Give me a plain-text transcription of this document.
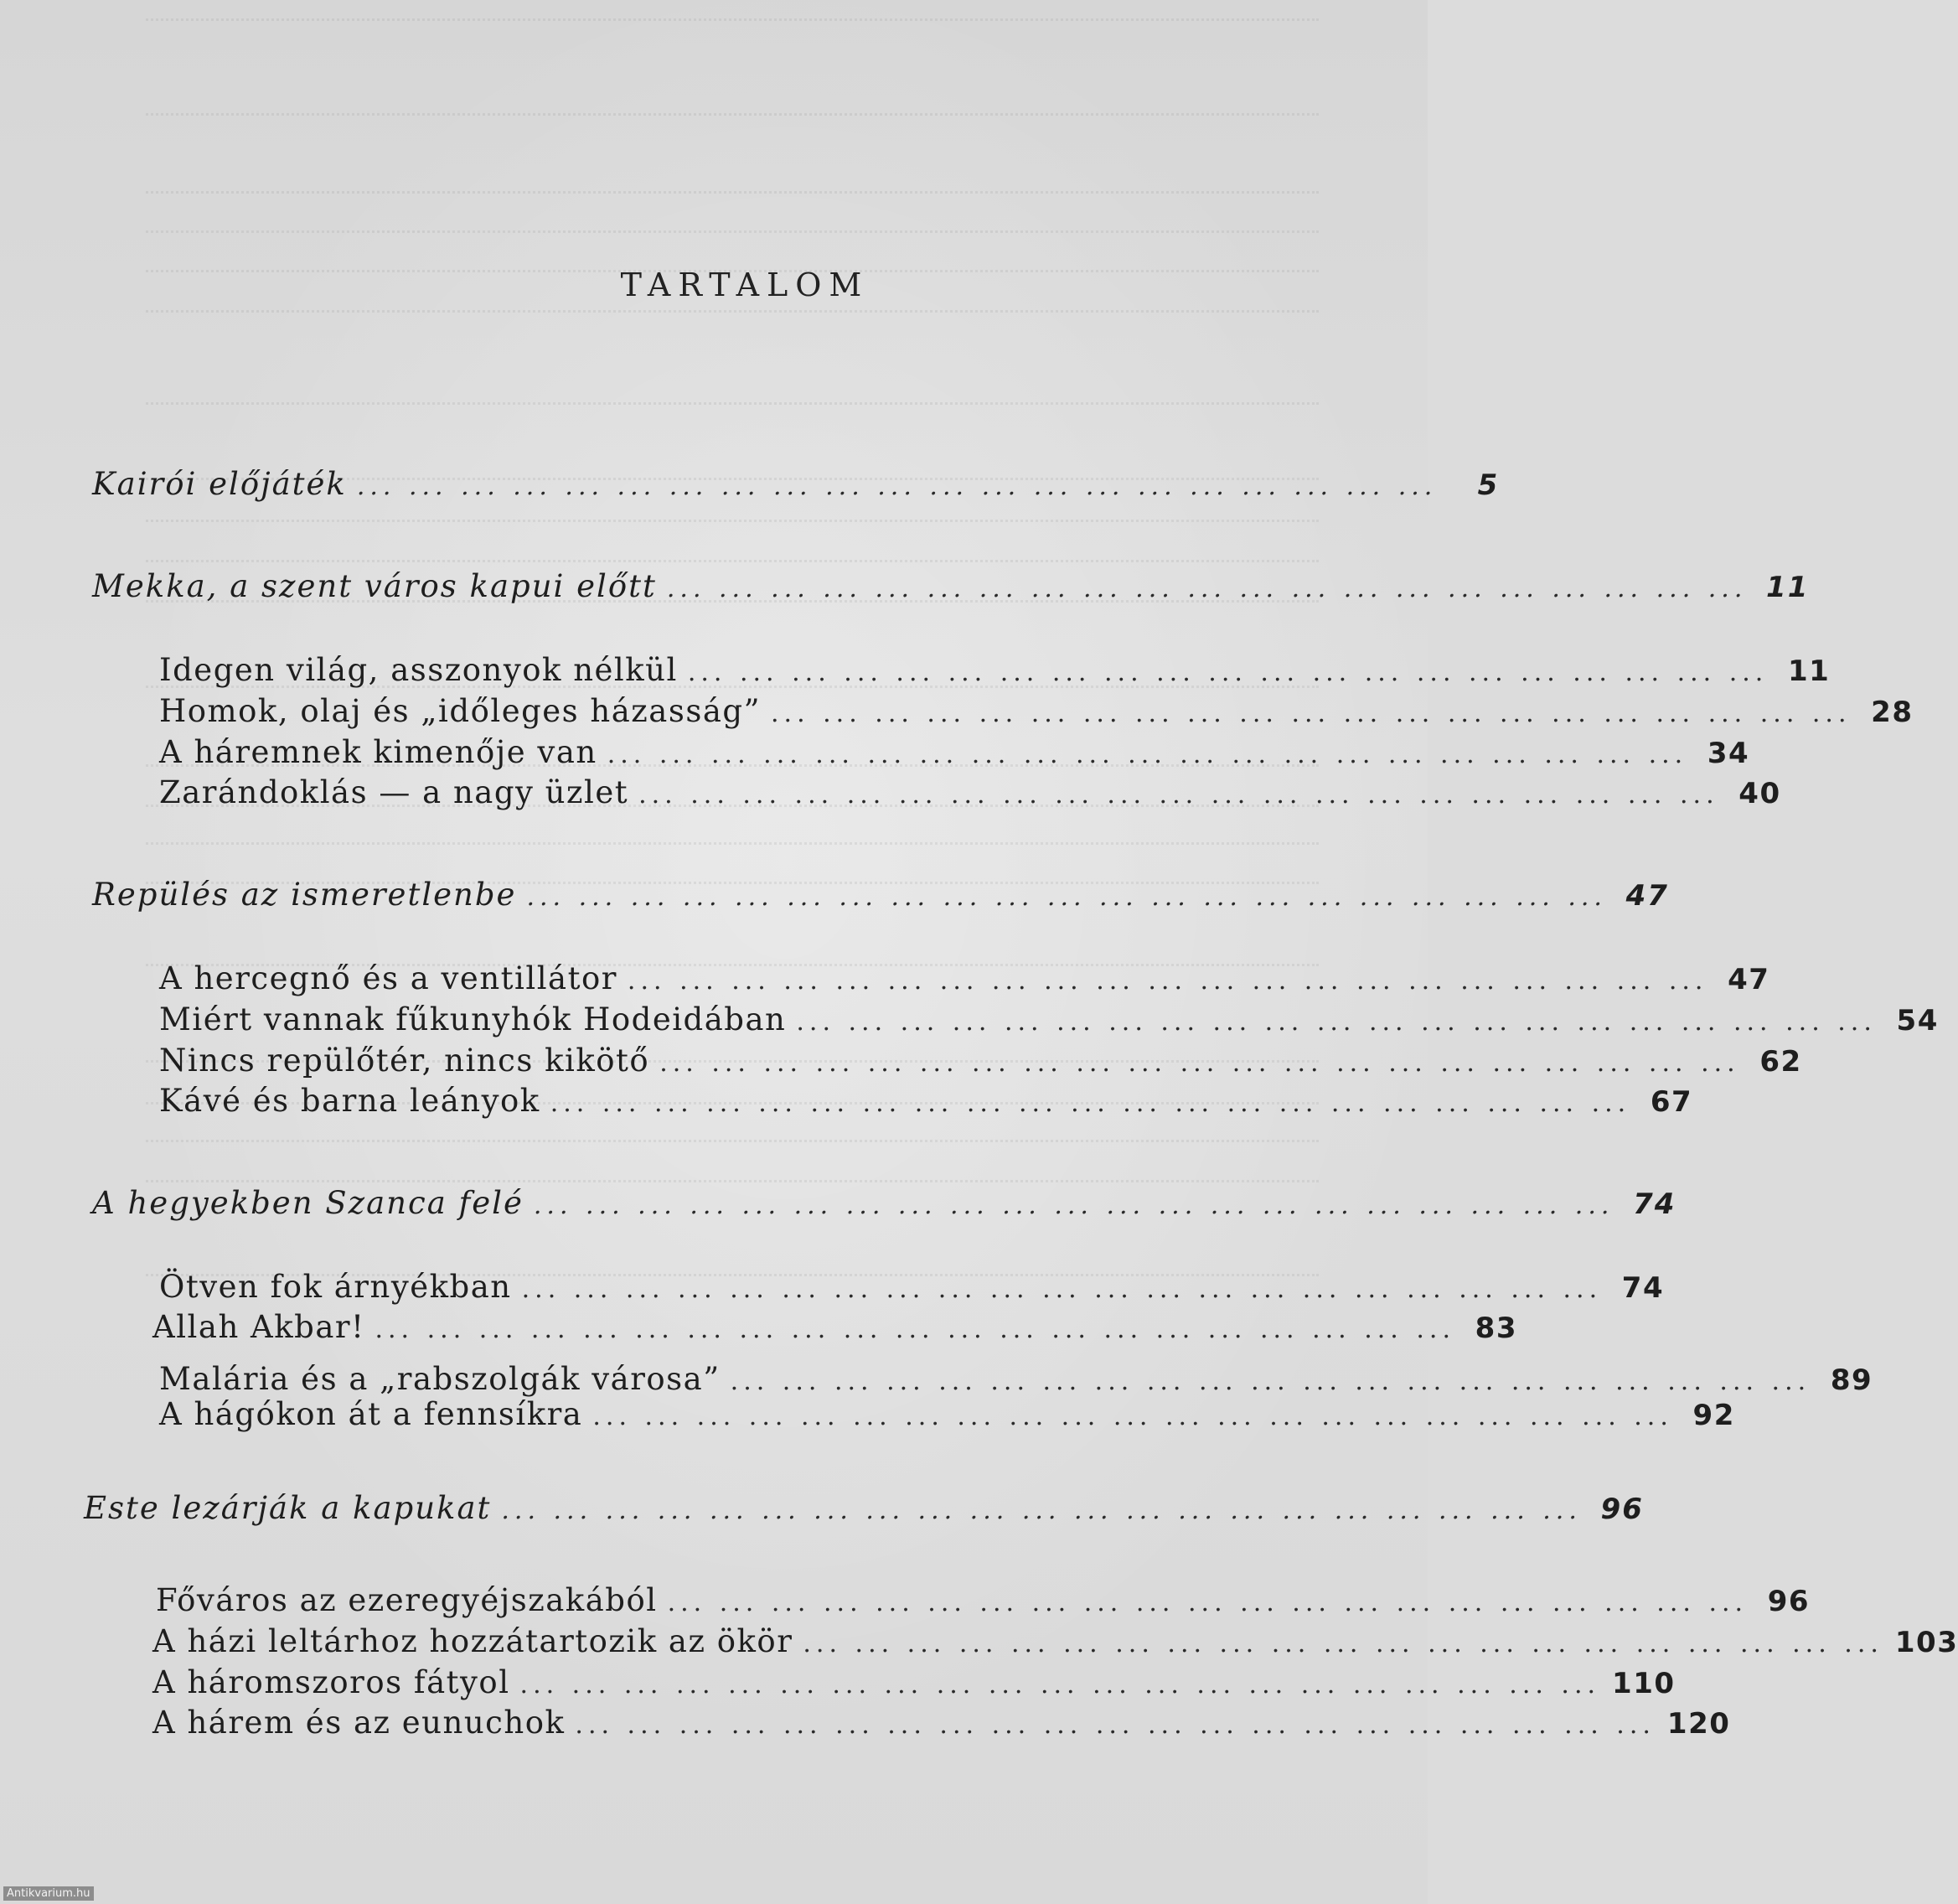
TARTALOM
Kairói előjáték ... ... ... ... ... ... ... ... ... ... ... ... ... ... ... ... ... ... ... ... ...	5
Mekka, a szent város kapui előtt ... ... ... ... ... ... ... ... ... ... ... ... ... ... ... ... ... ... ... ... ... 11
Idegen világ, asszonyok nélkül ... ... ... ... ... ... ... ... ... ... ... ... ... ... ... ... ... ... ... ... ... 11
Homok, olaj és „időleges házasság” ... ... ... ... ... ... ... ... ... ... ... ... ... ... ... ... ... ... ... ... ... 28
A háremnek kimenője van ... ... ... ... ... ... ... ... ... ... ... ... ... ... ... ... ... ... ... ... ... 34
Zarándoklás — a nagy üzlet ... ... ... ... ... ... ... ... ... ... ... ... ... ... ... ... ... ... ... ... ... 40
Repülés az ismeretlenbe ... ... ... ... ... ... ... ... ... ... ... ... ... ... ... ... ... ... ... ... ... 47
A hercegnő és a ventillátor ... ... ... ... ... ... ... ... ... ... ... ... ... ... ... ... ... ... ... ... ... 47
Miért vannak fűkunyhók Hodeidában ... ... ... ... ... ... ... ... ... ... ... ... ... ... ... ... ... ... ... ... ... 54
Nincs repülőtér, nincs kikötő ... ... ... ... ... ... ... ... ... ... ... ... ... ... ... ... ... ... ... ... ... 62
Kávé és barna leányok ... ... ... ... ... ... ... ... ... ... ... ... ... ... ... ... ... ... ... ... ... 67
A hegyekben Szancа felé ... ... ... ... ... ... ... ... ... ... ... ... ... ... ... ... ... ... ... ... ... 74
Ötven fok árnyékban ... ... ... ... ... ... ... ... ... ... ... ... ... ... ... ... ... ... ... ... ... 74
Allah Akbar! ... ... ... ... ... ... ... ... ... ... ... ... ... ... ... ... ... ... ... ... ... 83
Malária és a „rabszolgák városa” ... ... ... ... ... ... ... ... ... ... ... ... ... ... ... ... ... ... ... ... ... 89
A hágókon át a fennsíkra ... ... ... ... ... ... ... ... ... ... ... ... ... ... ... ... ... ... ... ... ... 92
Este lezárják a kapukat ... ... ... ... ... ... ... ... ... ... ... ... ... ... ... ... ... ... ... ... ... 96
Főváros az ezeregyéjszakából ... ... ... ... ... ... ... ... ... ... ... ... ... ... ... ... ... ... ... ... ... 96
A házi leltárhoz hozzátartozik az ökör ... ... ... ... ... ... ... ... ... ... ... ... ... ... ... ... ... ... ... ... ... 103
A háromszoros fátyol ... ... ... ... ... ... ... ... ... ... ... ... ... ... ... ... ... ... ... ... ... 110
A hárem és az eunuchok ... ... ... ... ... ... ... ... ... ... ... ... ... ... ... ... ... ... ... ... ... 120
Antikvarium.hu
